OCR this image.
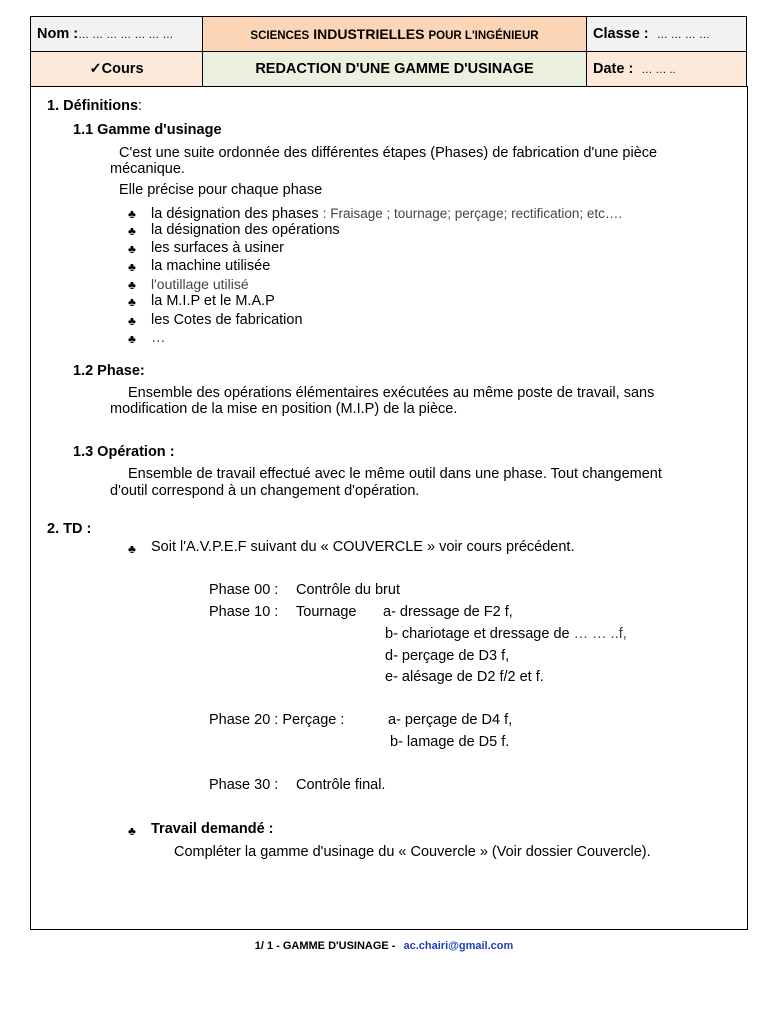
Nom :… … … … … … …	SCIENCES INDUSTRIELLES POUR L'INGÉNIEUR	Classe : … … … …
✓Cours	REDACTION D'UNE GAMME D'USINAGE	Date : … … ..
1. Définitions:
1.1 Gamme d'usinage
C'est une suite ordonnée des différentes étapes (Phases) de fabrication d'une pièce
mécanique.
Elle précise pour chaque phase
♣ la désignation des phases : Fraisage ; tournage; perçage; rectification; etc….
♣ la désignation des opérations
♣ les surfaces à usiner
♣ la machine utilisée
♣ l'outillage utilisé
♣ la M.I.P et le M.A.P
♣ les Cotes de fabrication
♣ …
1.2 Phase:
Ensemble des opérations élémentaires exécutées au même poste de travail, sans
modification de la mise en position (M.I.P) de la pièce.
1.3 Opération :
Ensemble de travail effectué avec le même outil dans une phase. Tout changement
d'outil correspond à un changement d'opération.
2. TD :
♣ Soit l'A.V.P.E.F suivant du « COUVERCLE » voir cours précédent.
Phase 00 : Contrôle du brut
Phase 10 : Tournage a- dressage de F2 f,
b- chariotage et dressage de … … ..f,
d- perçage de D3 f,
e- alésage de D2 f/2 et f.
Phase 20 : Perçage :	a- perçage de D4 f,
b- lamage de D5 f.
Phase 30 : Contrôle final.
♣ Travail demandé :
Compléter la gamme d'usinage du « Couvercle » (Voir dossier Couvercle).
1/ 1 - GAMME D'USINAGE - ac.chairi@gmail.com
